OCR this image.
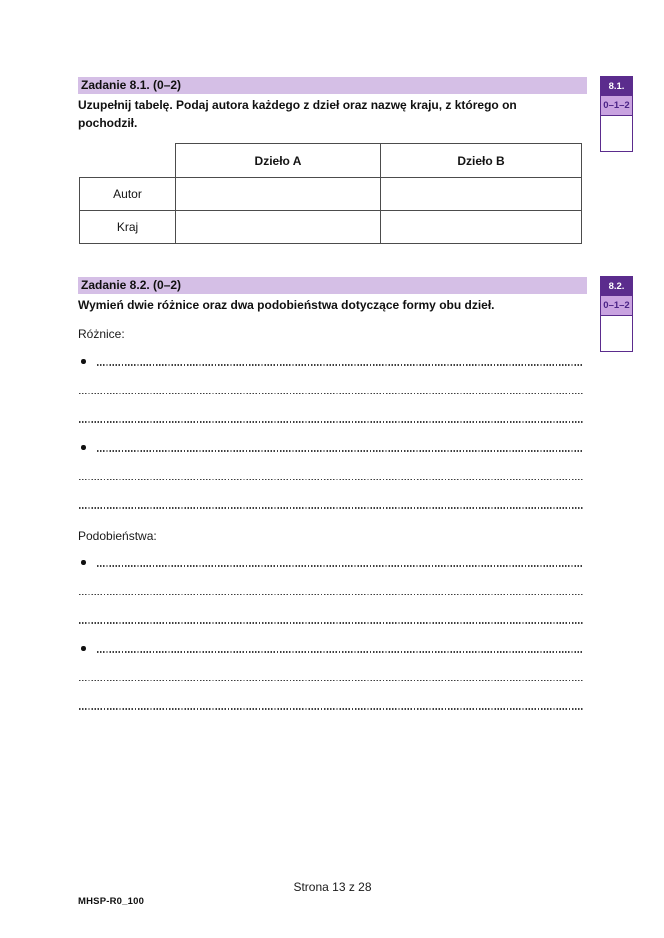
Zadanie 8.1. (0–2)
Uzupełnij tabelę. Podaj autora każdego z dzieł oraz nazwę kraju, z którego on
pochodził.
	Dzieło A	Dzieło B
Autor		
Kraj		
8.1.
0–1–2
Zadanie 8.2. (0–2)
Wymień dwie różnice oraz dwa podobieństwa dotyczące formy obu dzieł.
Różnice:
Podobieństwa:
8.2.
0–1–2
Strona 13 z 28
MHSP-R0_100
